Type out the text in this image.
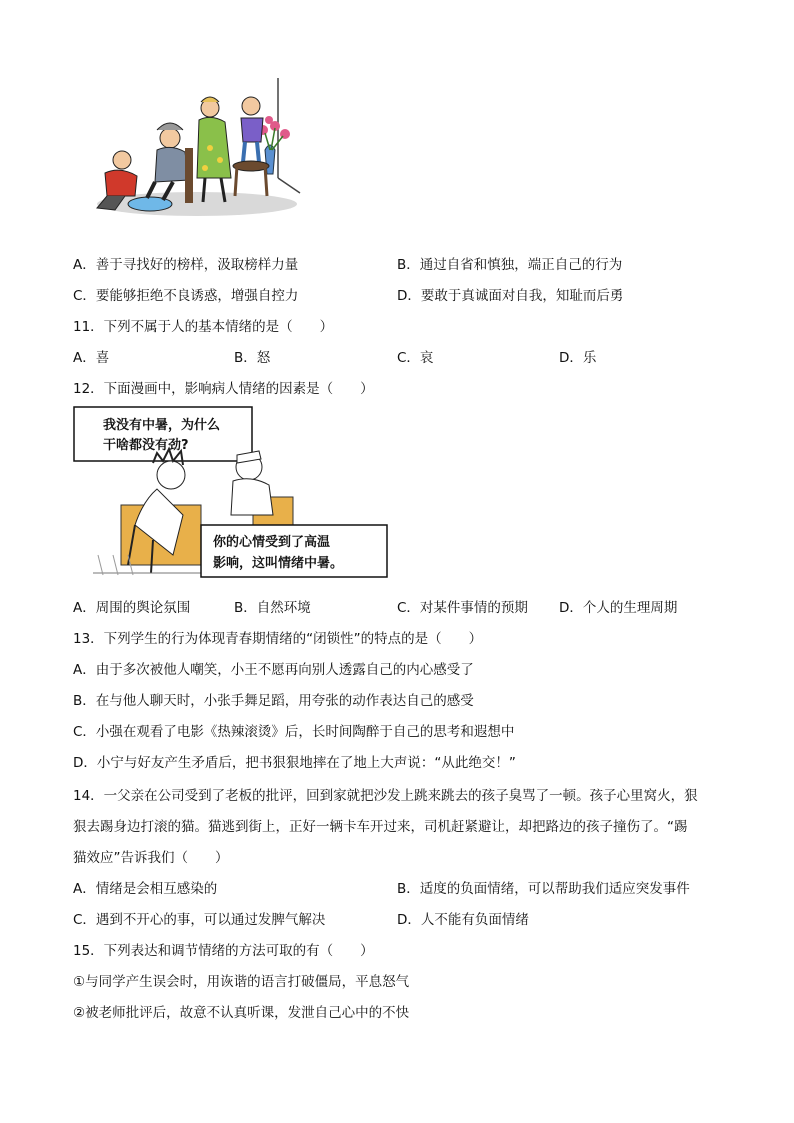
A．善于寻找好的榜样，汲取榜样力量	B．通过自省和慎独，端正自己的行为
C．要能够拒绝不良诱惑，增强自控力	D．要敢于真诚面对自我，知耻而后勇
11．下列不属于人的基本情绪的是（　　）
A．喜	B．怒	C．哀	D．乐
12．下面漫画中，影响病人情绪的因素是（　　）
我没有中暑，为什么
干啥都没有劲?
你的心情受到了高温
影响，这叫情绪中暑。
A．周围的舆论氛围	B．自然环境	C．对某件事情的预期 D．个人的生理周期
13．下列学生的行为体现青春期情绪的“闭锁性”的特点的是（　　）
A．由于多次被他人嘲笑，小王不愿再向别人透露自己的内心感受了
B．在与他人聊天时，小张手舞足蹈，用夸张的动作表达自己的感受
C．小强在观看了电影《热辣滚烫》后，长时间陶醉于自己的思考和遐想中
D．小宁与好友产生矛盾后，把书狠狠地摔在了地上大声说：“从此绝交！”
14．一父亲在公司受到了老板的批评，回到家就把沙发上跳来跳去的孩子臭骂了一顿。孩子心里窝火，狠
狠去踢身边打滚的猫。猫逃到街上，正好一辆卡车开过来，司机赶紧避让，却把路边的孩子撞伤了。“踢
猫效应”告诉我们（　　）
A．情绪是会相互感染的	B．适度的负面情绪，可以帮助我们适应突发事件
C．遇到不开心的事，可以通过发脾气解决	D．人不能有负面情绪
15．下列表达和调节情绪的方法可取的有（　　）
①与同学产生误会时，用诙谐的语言打破僵局，平息怒气
②被老师批评后，故意不认真听课，发泄自己心中的不快
